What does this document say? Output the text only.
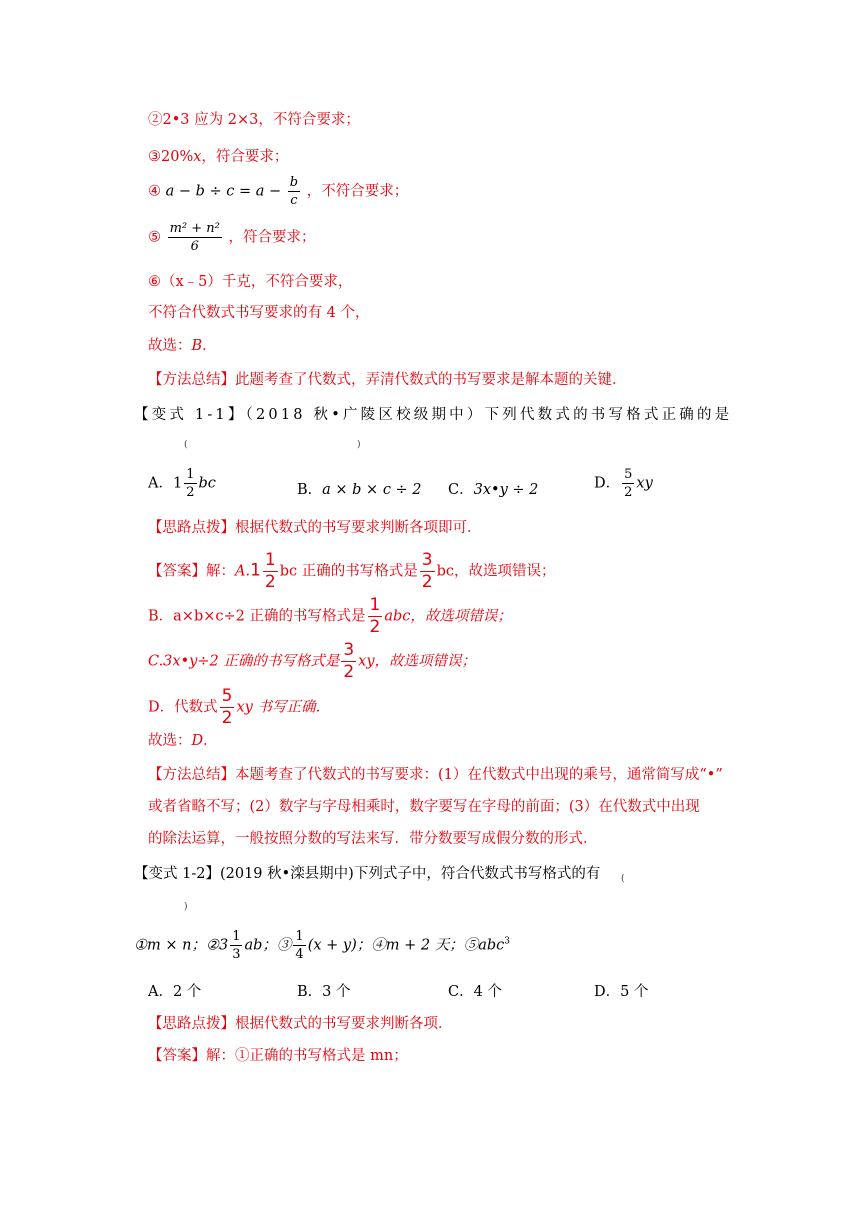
②2•3 应为 2×3，不符合要求；
③20%x，符合要求；
④ $a - b \div c = a - \frac{b}{c}$ ，不符合要求；
⑤ $\frac{\text{m² + n²}}{6}$ ，符合要求；
⑥（x﹣5）千克，不符合要求，
不符合代数式书写要求的有 4 个，
故选：B．
【方法总结】此题考查了代数式，弄清代数式的书写要求是解本题的关键．
【变式 1-1】（2018 秋•广陵区校级期中）下列代数式的书写格式正确的是
(	)
A．$1 \frac{1}{2}$ bc	B．a × b × c ÷ 2 C．3x•y ÷ 2	D． $\frac{5}{2}$ xy
【思路点拨】根据代数式的书写要求判断各项即可．
【答案】解：$A.1 \frac{1}{2}$ bc 正确的书写格式是 $\frac{3}{2}$ bc，故选项错误；
B．a×b×c÷2 正确的书写格式是 $\frac{1}{2}$ abc，故选项错误；
C.3x•y÷2 正确的书写格式是 $\frac{3}{2}$ xy，故选项错误；
D．代数式 $\frac{5}{2}$ xy 书写正确．
故选：D．
【方法总结】本题考查了代数式的书写要求：(1）在代数式中出现的乘号，通常简写成“•”
或者省略不写；(2）数字与字母相乘时，数字要写在字母的前面；(3）在代数式中出现
的除法运算，一般按照分数的写法来写．带分数要写成假分数的形式．
【变式 1-2】(2019 秋•滦县期中)下列式子中，符合代数式书写格式的有 (
)
①m × n；②3 $\frac{1}{3}$ ab；③ $\frac{1}{4} (x + y)$；④m + 2 天；⑤abc$^3$
A．2 个	B．3 个	C．4 个	D．5 个
【思路点拨】根据代数式的书写要求判断各项．
【答案】解：①正确的书写格式是 mn；
